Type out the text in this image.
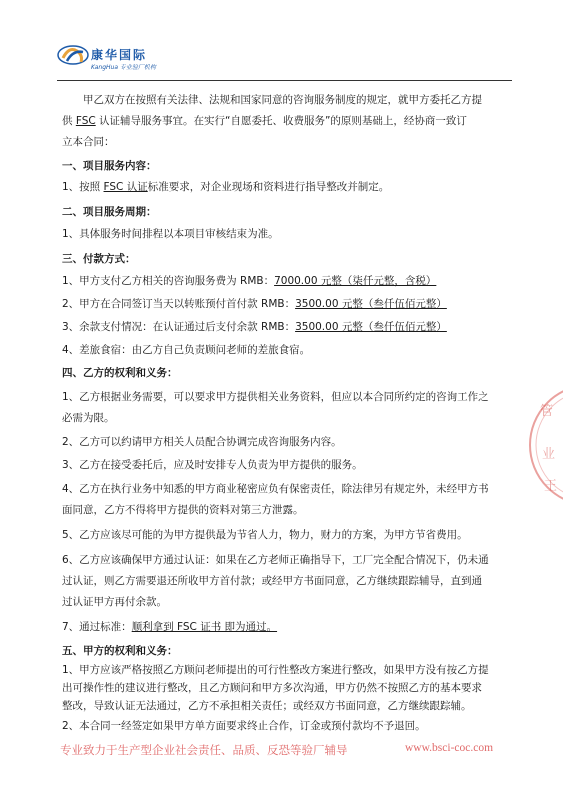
康华国际
KangHua 专业验厂机构
甲乙双方在按照有关法律、法规和国家同意的咨询服务制度的规定，就甲方委托乙方提
供 FSC 认证辅导服务事宜。在实行“自愿委托、收费服务”的原则基础上，经协商一致订
立本合同：
一、项目服务内容：
1、按照 FSC 认证标准要求，对企业现场和资料进行指导整改并制定。
二、项目服务周期：
1、具体服务时间排程以本项目审核结束为准。
三、付款方式：
1、甲方支付乙方相关的咨询服务费为 RMB：7000.00 元整（柒仟元整，含税）
2、甲方在合同签订当天以转账预付首付款 RMB：3500.00 元整（叁仟伍佰元整）
3、余款支付情况：在认证通过后支付余款 RMB：3500.00 元整（叁仟伍佰元整）
4、差旅食宿：由乙方自己负责顾问老师的差旅食宿。
四、乙方的权利和义务：
1、乙方根据业务需要，可以要求甲方提供相关业务资料，但应以本合同所约定的咨询工作之
必需为限。
2、乙方可以约请甲方相关人员配合协调完成咨询服务内容。
3、乙方在接受委托后，应及时安排专人负责为甲方提供的服务。
4、乙方在执行业务中知悉的甲方商业秘密应负有保密责任，除法律另有规定外，未经甲方书
面同意，乙方不得将甲方提供的资料对第三方泄露。
5、乙方应该尽可能的为甲方提供最为节省人力，物力，财力的方案，为甲方节省费用。
6、乙方应该确保甲方通过认证：如果在乙方老师正确指导下，工厂完全配合情况下，仍未通
过认证，则乙方需要退还所收甲方首付款；或经甲方书面同意，乙方继续跟踪辅导，直到通
过认证甲方再付余款。
7、通过标准：顺利拿到 FSC 证书 即为通过。
五、甲方的权利和义务：
1、甲方应该严格按照乙方顾问老师提出的可行性整改方案进行整改，如果甲方没有按乙方提
出可操作性的建议进行整改，且乙方顾问和甲方多次沟通，甲方仍然不按照乙方的基本要求
整改，导致认证无法通过，乙方不承担相关责任；或经双方书面同意，乙方继续跟踪辅。
专业致力于生产型企业社会责任、品质、反恐等验厂辅导	www.bsci-coc.com
管
业
王
2、本合同一经签定如果甲方单方面要求终止合作，订金或预付款均不予退回。
